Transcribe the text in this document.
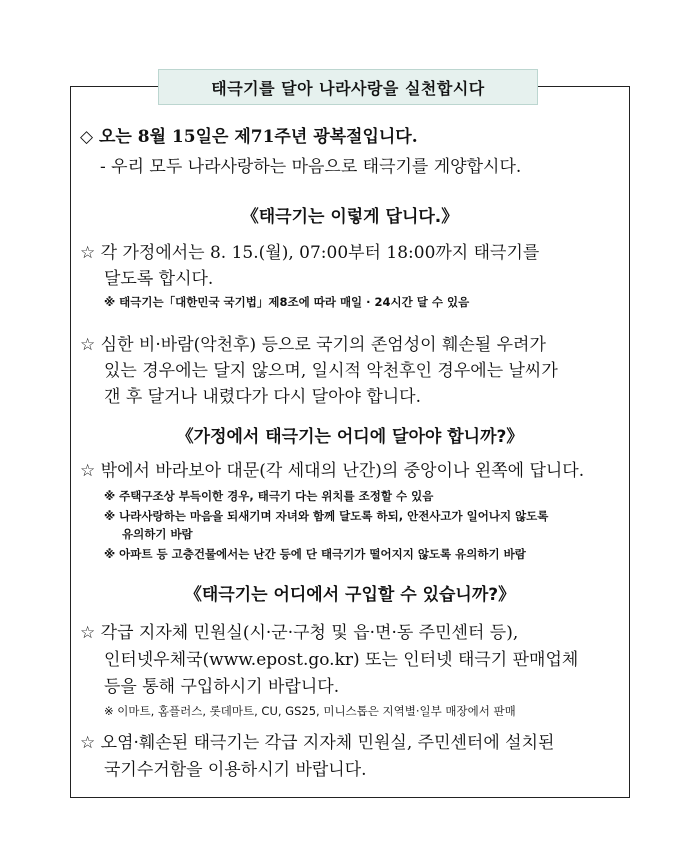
태극기를 달아 나라사랑을 실천합시다
◇ 오는 8월 15일은 제71주년 광복절입니다.
- 우리 모두 나라사랑하는 마음으로 태극기를 게양합시다.
《태극기는 이렇게 답니다.》
☆ 각 가정에서는 8. 15.(월), 07:00부터 18:00까지 태극기를
달도록 합시다.
※ 태극기는「대한민국 국기법」제8조에 따라 매일 · 24시간 달 수 있음
☆ 심한 비·바람(악천후) 등으로 국기의 존엄성이 훼손될 우려가
있는 경우에는 달지 않으며, 일시적 악천후인 경우에는 날씨가
갠 후 달거나 내렸다가 다시 달아야 합니다.
《가정에서 태극기는 어디에 달아야 합니까?》
☆ 밖에서 바라보아 대문(각 세대의 난간)의 중앙이나 왼쪽에 답니다.
※ 주택구조상 부득이한 경우, 태극기 다는 위치를 조정할 수 있음
※ 나라사랑하는 마음을 되새기며 자녀와 함께 달도록 하되, 안전사고가 일어나지 않도록
유의하기 바람
※ 아파트 등 고층건물에서는 난간 등에 단 태극기가 떨어지지 않도록 유의하기 바람
《태극기는 어디에서 구입할 수 있습니까?》
☆ 각급 지자체 민원실(시·군·구청 및 읍·면·동 주민센터 등),
인터넷우체국(www.epost.go.kr) 또는 인터넷 태극기 판매업체
등을 통해 구입하시기 바랍니다.
※ 이마트, 홈플러스, 롯데마트, CU, GS25, 미니스톱은 지역별·일부 매장에서 판매
☆ 오염·훼손된 태극기는 각급 지자체 민원실, 주민센터에 설치된
국기수거함을 이용하시기 바랍니다.
